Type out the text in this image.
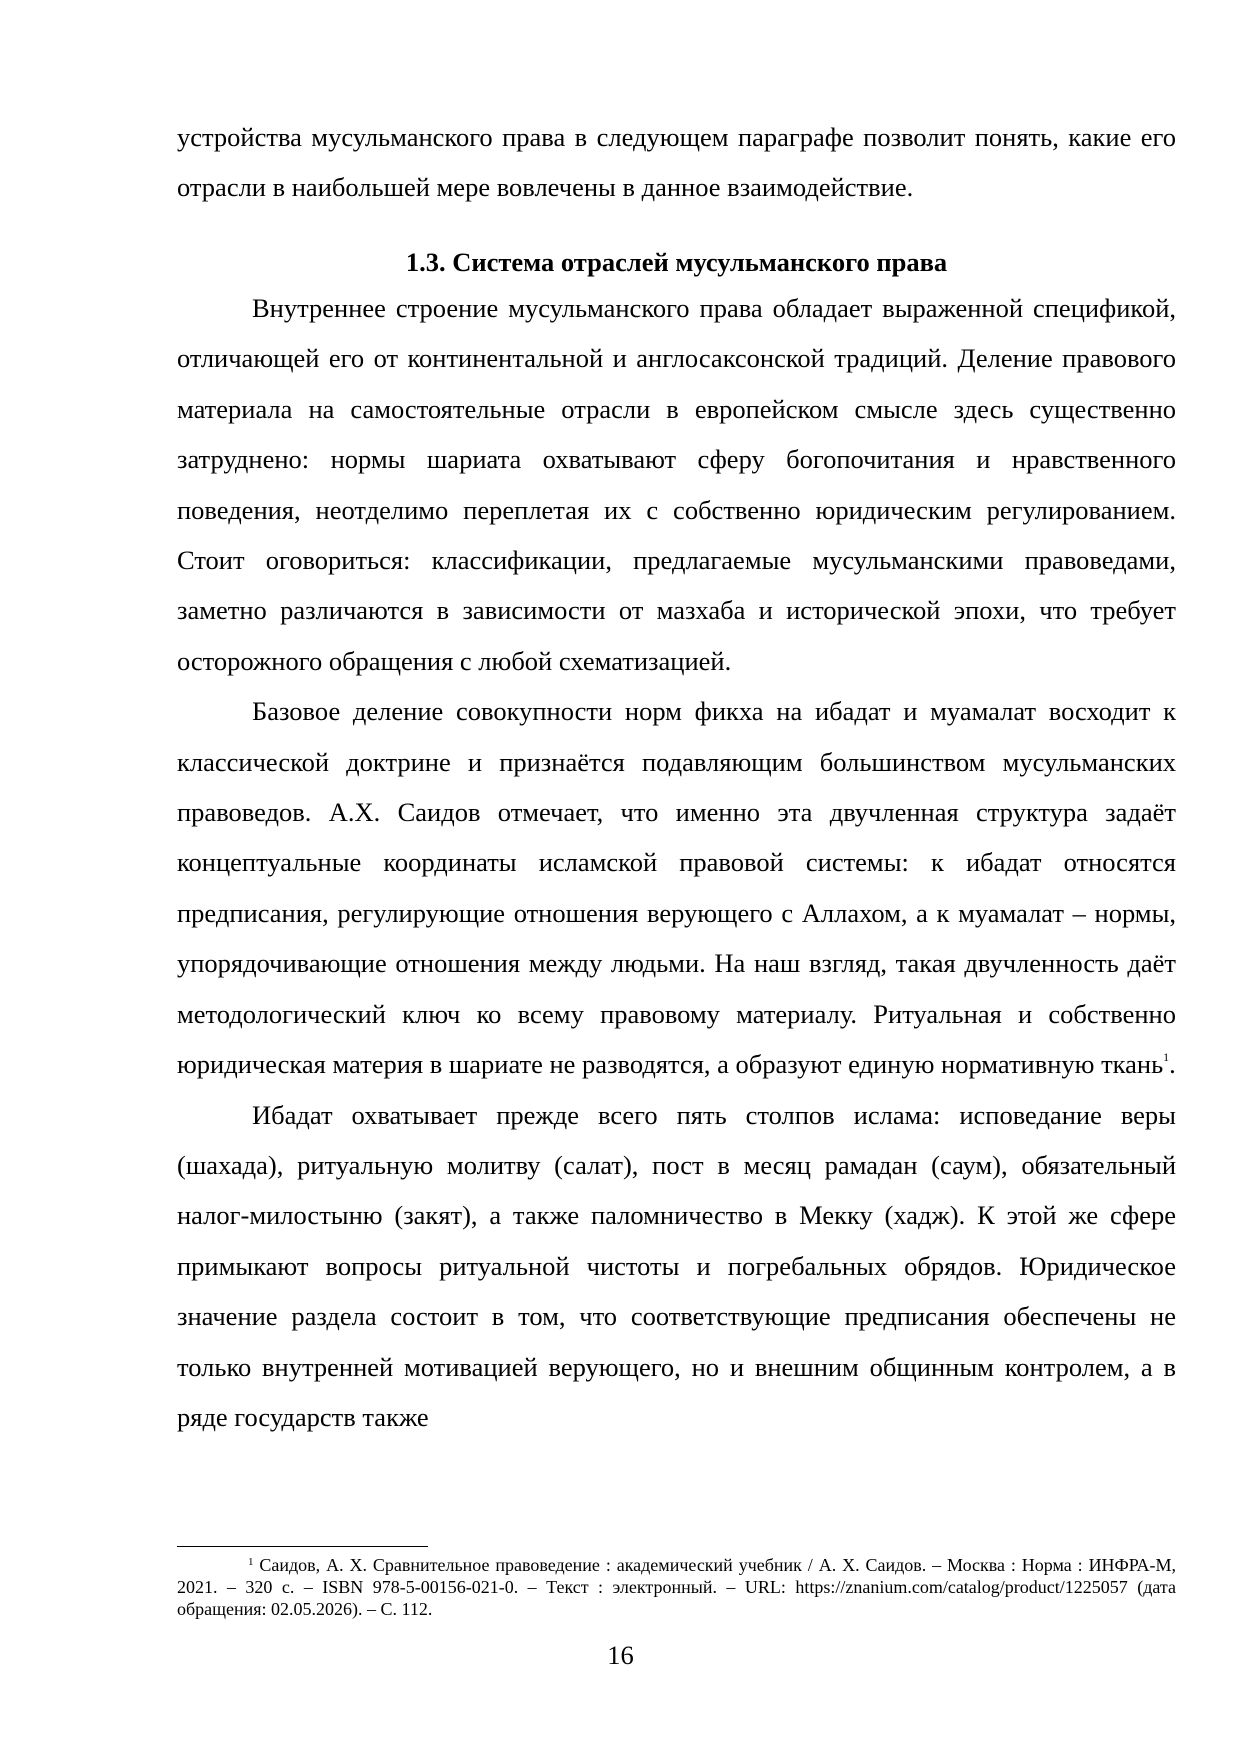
устройства мусульманского права в следующем параграфе позволит понять, какие его отрасли в наибольшей мере вовлечены в данное взаимодействие.

1.3. Система отраслей мусульманского права

Внутреннее строение мусульманского права обладает выраженной спецификой, отличающей его от континентальной и англосаксонской традиций. Деление правового материала на самостоятельные отрасли в европейском смысле здесь существенно затруднено: нормы шариата охватывают сферу богопочитания и нравственного поведения, неотделимо переплетая их с собственно юридическим регулированием. Стоит оговориться: классификации, предлагаемые мусульманскими правоведами, заметно различаются в зависимости от мазхаба и исторической эпохи, что требует осторожного обращения с любой схематизацией.

Базовое деление совокупности норм фикха на ибадат и муамалат восходит к классической доктрине и признаётся подавляющим большинством мусульманских правоведов. А.Х. Саидов отмечает, что именно эта двучленная структура задаёт концептуальные координаты исламской правовой системы: к ибадат относятся предписания, регулирующие отношения верующего с Аллахом, а к муамалат – нормы, упорядочивающие отношения между людьми. На наш взгляд, такая двучленность даёт методологический ключ ко всему правовому материалу. Ритуальная и собственно юридическая материя в шариате не разводятся, а образуют единую нормативную ткань$^1$.

Ибадат охватывает прежде всего пять столпов ислама: исповедание веры (шахада), ритуальную молитву (салат), пост в месяц рамадан (саум), обязательный налог-милостыню (закят), а также паломничество в Мекку (хадж). К этой же сфере примыкают вопросы ритуальной чистоты и погребальных обрядов. Юридическое значение раздела состоит в том, что соответствующие предписания обеспечены не только внутренней мотивацией верующего, но и внешним общинным контролем, а в ряде государств также

$^1$ Саидов, А. Х. Сравнительное правоведение : академический учебник / А. Х. Саидов. – Москва : Норма : ИНФРА-М, 2021. – 320 с. – ISBN 978-5-00156-021-0. – Текст : электронный. – URL: https://znanium.com/catalog/product/1225057 (дата обращения: 02.05.2026). – С. 112.

16
